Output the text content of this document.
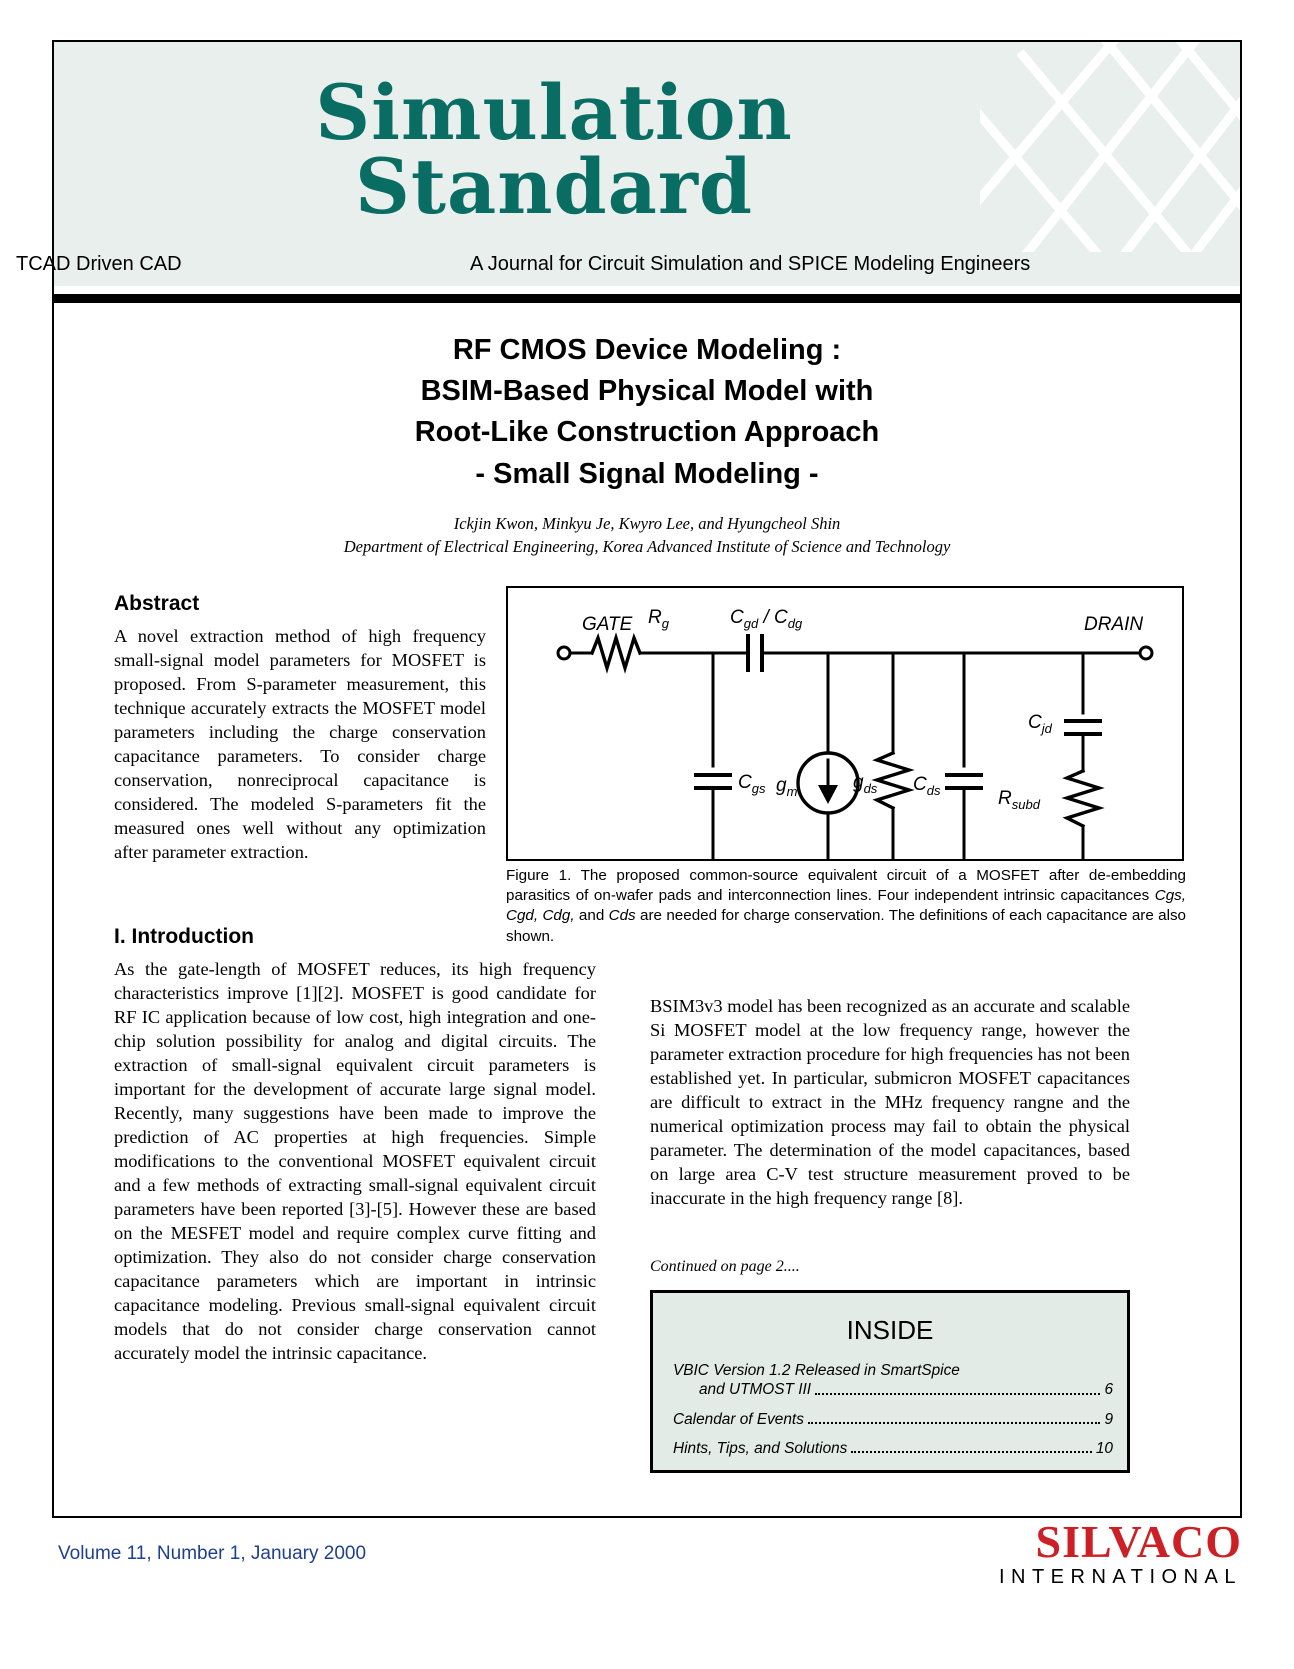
Simulation
Standard
TCAD Driven CAD	A Journal for Circuit Simulation and SPICE Modeling Engineers
RF CMOS Device Modeling :
BSIM-Based Physical Model with
Root-Like Construction Approach
- Small Signal Modeling -
Ickjin Kwon, Minkyu Je, Kwyro Lee, and Hyungcheol Shin
Department of Electrical Engineering, Korea Advanced Institute of Science and Technology
Abstract
A novel extraction method of high frequency small-signal model parameters for MOSFET is proposed. From S-parameter measurement, this technique accurately extracts the MOSFET model parameters including the charge conservation capacitance parameters. To consider charge conservation, nonreciprocal capacitance is considered. The modeled S-parameters fit the measured ones well without any optimization after parameter extraction.
I. Introduction
As the gate-length of MOSFET reduces, its high frequency characteristics improve [1][2]. MOSFET is good candidate for RF IC application because of low cost, high integration and one-chip solution possibility for analog and digital circuits. The extraction of small-signal equivalent circuit parameters is important for the development of accurate large signal model. Recently, many suggestions have been made to improve the prediction of AC properties at high frequencies. Simple modifications to the conventional MOSFET equivalent circuit and a few methods of extracting small-signal equivalent circuit parameters have been reported [3]-[5]. However these are based on the MESFET model and require complex curve fitting and optimization. They also do not consider charge conservation capacitance parameters which are important in intrinsic capacitance modeling. Previous small-signal equivalent circuit models that do not consider charge conservation cannot accurately model the intrinsic capacitance.
BSIM3v3 model has been recognized as an accurate and scalable Si MOSFET model at the low frequency range, however the parameter extraction procedure for high frequencies has not been established yet. In particular, submicron MOSFET capacitances are difficult to extract in the MHz frequency rangne and the numerical optimization process may fail to obtain the physical parameter. The determination of the model capacitances, based on large area C-V test structure measurement proved to be inaccurate in the high frequency range [8].
Continued on page 2....
GATE	DRAIN
$R_g$	$C_{gd} / C_{dg}$
$C_{gs}$ $g_m$	$g_{ds}$ $C_{ds}$
$C_{jd}$
$R_{subd}$
Figure 1. The proposed common-source equivalent circuit of a MOSFET after de-embedding parasitics of on-wafer pads and interconnection lines. Four independent intrinsic capacitances Cgs, Cgd, Cdg, and Cds are needed for charge conservation. The definitions of each capacitance are also shown.
INSIDE
VBIC Version 1.2 Released in SmartSpice
and UTMOST III	6
Calendar of Events	9
Hints, Tips, and Solutions	10
Volume 11, Number 1, January 2000	SILVACO
INTERNATIONAL
